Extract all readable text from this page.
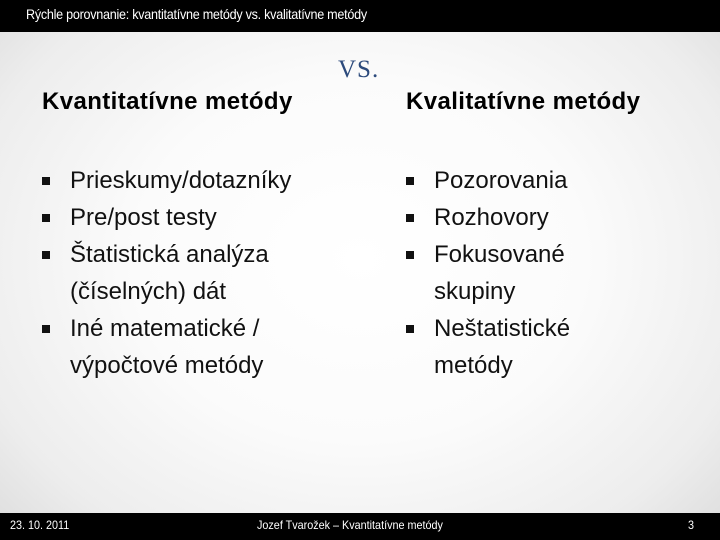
Rýchle porovnanie: kvantitatívne metódy vs. kvalitatívne metódy
VS.
Kvantitatívne metódy
Prieskumy/dotazníky
Pre/post testy
Štatistická analýza (číselných) dát
Iné matematické / výpočtové metódy
Kvalitatívne metódy
Pozorovania
Rozhovory
Fokusované skupiny
Neštatistické metódy
23. 10. 2011	Jozef Tvarožek – Kvantitatívne metódy	3
